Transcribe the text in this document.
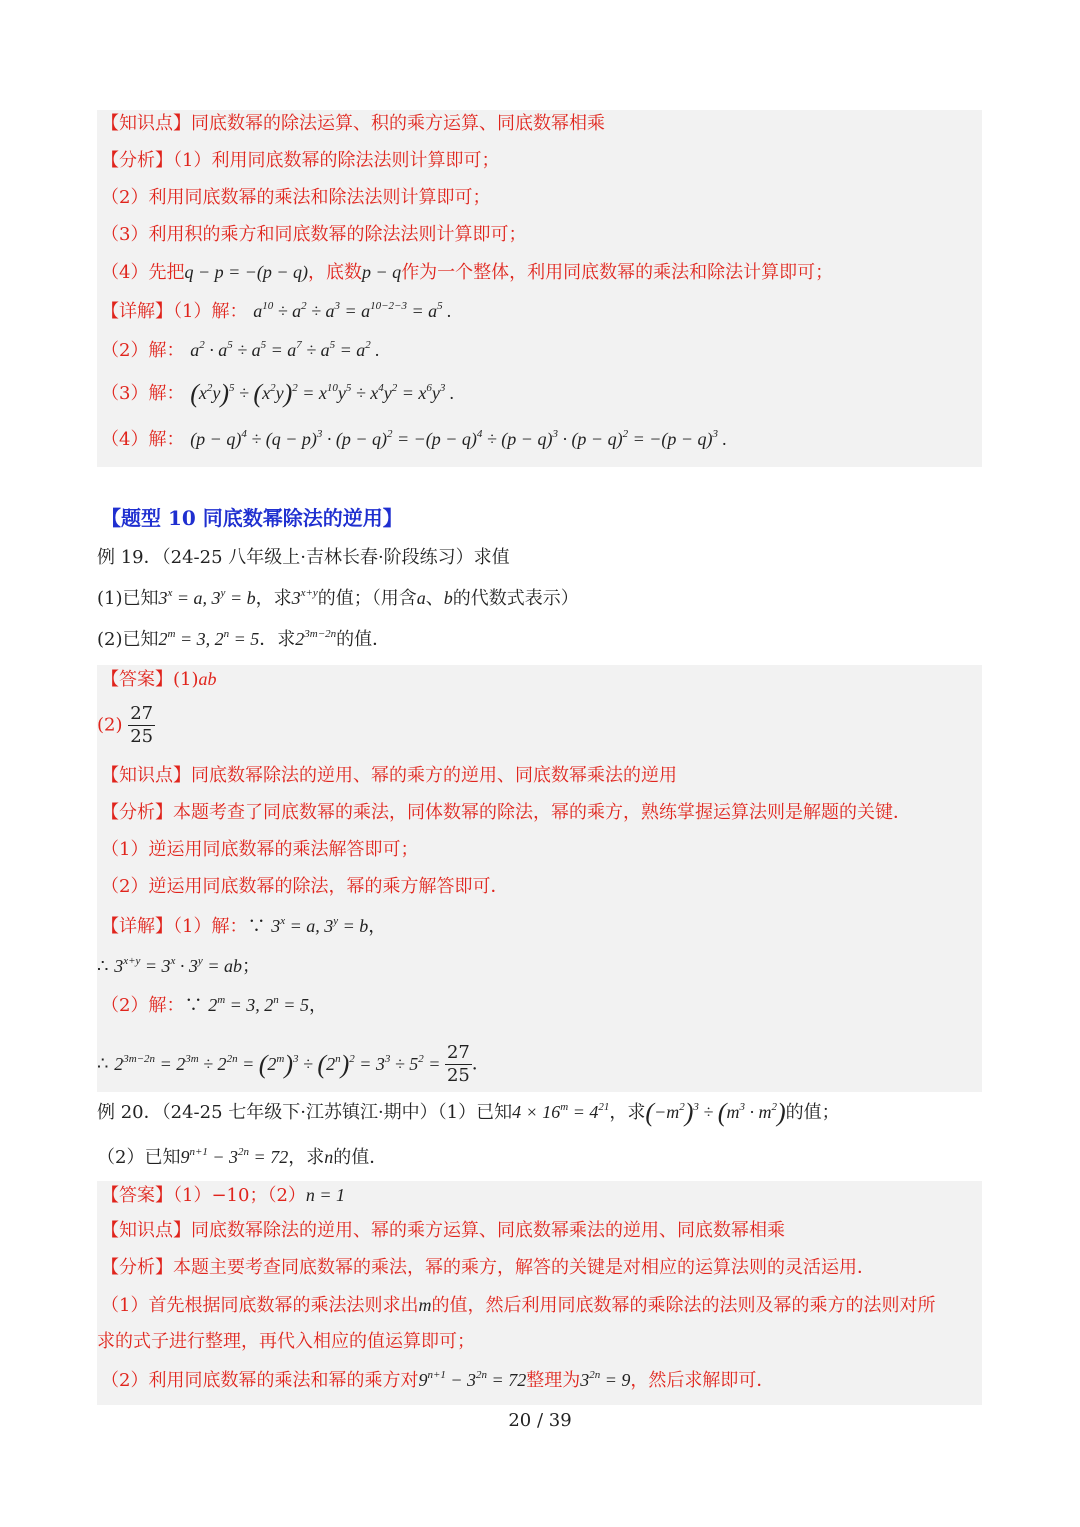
【知识点】同底数幂的除法运算、积的乘方运算、同底数幂相乘
【分析】（1）利用同底数幂的除法法则计算即可；
（2）利用同底数幂的乘法和除法法则计算即可；
（3）利用积的乘方和同底数幂的除法法则计算即可；
（4）先把q − p = −(p − q)，底数p − q作为一个整体，利用同底数幂的乘法和除法计算即可；
【详解】（1）解： $a^{10} \div a^2 \div a^3 = a^{10-2-3} = a^5$ .
（2）解： $a^2 \cdot a^5 \div a^5 = a^7 \div a^5 = a^2$ .
（3）解： $(x^2y)^5 \div (x^2y)^2 = x^{10}y^5 \div x^4y^2 = x^6y^3$ .
（4）解： $(p - q)^4 \div (q - p)^3 \cdot (p - q)^2 = -(p - q)^4 \div (p - q)^3 \cdot (p - q)^2 = -(p - q)^3$ .
【题型 10 同底数幂除法的逆用】
例 19．（24-25 八年级上·吉林长春·阶段练习）求值
(1)已知$3^x = a$, $3^y = b$，求$3^{x+y}$的值；（用含a、b的代数式表示）
(2)已知$2^m = 3$, $2^n = 5$．求$2^{3m-2n}$的值．
【答案】(1)ab
$(2) \frac{27}{25}$
【知识点】同底数幂除法的逆用、幂的乘方的逆用、同底数幂乘法的逆用
【分析】本题考查了同底数幂的乘法，同体数幂的除法，幂的乘方，熟练掌握运算法则是解题的关键．
（1）逆运用同底数幂的乘法解答即可；
（2）逆运用同底数幂的除法，幂的乘方解答即可．
【详解】（1）解：∵ $3^x = a$, $3^y = b$，
∴ $3^{x+y} = 3^x \cdot 3^y$ = ab；
（2）解：∵ $2^m = 3$, $2^n = 5$，
∴ $2^{3m-2n} = 2^{3m} \div 2^{2n} = (2^m)^3 \div (2^n)^2 = 3^3 \div 5^2 = \frac{27}{25}$ ．
例 20．（24-25 七年级下·江苏镇江·期中）（1）已知$4 \times 16^m = 4^{21}$，求$(-m^2)^3 \div (m^3 \cdot m^2)$的值；
（2）已知$9^{n+1} - 3^{2n} = 72$，求n的值．
【答案】（1）−10；（2）n = 1
【知识点】同底数幂除法的逆用、幂的乘方运算、同底数幂乘法的逆用、同底数幂相乘
【分析】本题主要考查同底数幂的乘法，幂的乘方，解答的关键是对相应的运算法则的灵活运用．
（1）首先根据同底数幂的乘法法则求出m的值，然后利用同底数幂的乘除法的法则及幂的乘方的法则对所
求的式子进行整理，再代入相应的值运算即可；
（2）利用同底数幂的乘法和幂的乘方对$9^{n+1} - 3^{2n} = 72$整理为$3^{2n} = 9$，然后求解即可．
20 / 39
